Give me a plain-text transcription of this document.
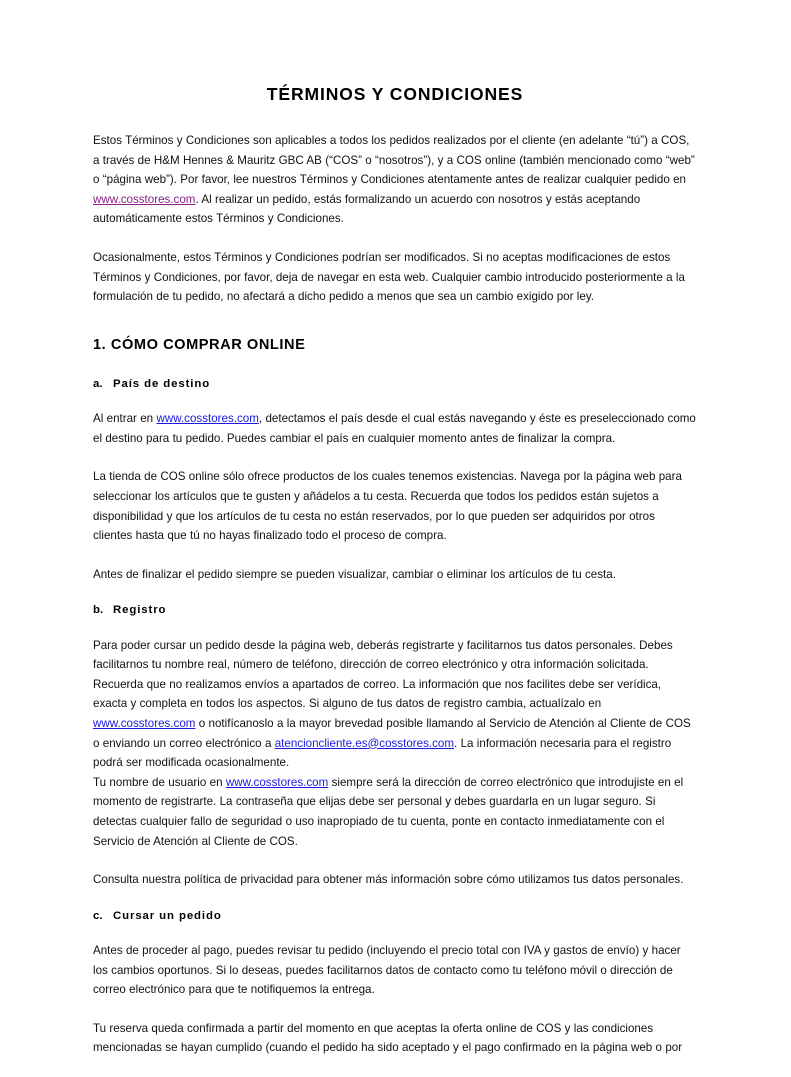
TÉRMINOS Y CONDICIONES

Estos Términos y Condiciones son aplicables a todos los pedidos realizados por el cliente (en adelante “tú”) a COS, a través de H&M Hennes & Mauritz GBC AB (“COS” o “nosotros”), y a COS online (también mencionado como “web” o “página web”). Por favor, lee nuestros Términos y Condiciones atentamente antes de realizar cualquier pedido en www.cosstores.com. Al realizar un pedido, estás formalizando un acuerdo con nosotros y estás aceptando automáticamente estos Términos y Condiciones.

Ocasionalmente, estos Términos y Condiciones podrían ser modificados. Si no aceptas modificaciones de estos Términos y Condiciones, por favor, deja de navegar en esta web. Cualquier cambio introducido posteriormente a la formulación de tu pedido, no afectará a dicho pedido a menos que sea un cambio exigido por ley.

1. CÓMO COMPRAR ONLINE
a. País de destino

Al entrar en www.cosstores.com, detectamos el país desde el cual estás navegando y éste es preseleccionado como el destino para tu pedido. Puedes cambiar el país en cualquier momento antes de finalizar la compra.

La tienda de COS online sólo ofrece productos de los cuales tenemos existencias. Navega por la página web para seleccionar los artículos que te gusten y añádelos a tu cesta. Recuerda que todos los pedidos están sujetos a disponibilidad y que los artículos de tu cesta no están reservados, por lo que pueden ser adquiridos por otros clientes hasta que tú no hayas finalizado todo el proceso de compra.

Antes de finalizar el pedido siempre se pueden visualizar, cambiar o eliminar los artículos de tu cesta.

b. Registro

Para poder cursar un pedido desde la página web, deberás registrarte y facilitarnos tus datos personales. Debes facilitarnos tu nombre real, número de teléfono, dirección de correo electrónico y otra información solicitada. Recuerda que no realizamos envíos a apartados de correo. La información que nos facilites debe ser verídica, exacta y completa en todos los aspectos. Si alguno de tus datos de registro cambia, actualízalo en www.cosstores.com o notifícanoslo a la mayor brevedad posible llamando al Servicio de Atención al Cliente de COS o enviando un correo electrónico a atencioncliente.es@cosstores.com. La información necesaria para el registro podrá ser modificada ocasionalmente.

Tu nombre de usuario en www.cosstores.com siempre será la dirección de correo electrónico que introdujiste en el momento de registrarte. La contraseña que elijas debe ser personal y debes guardarla en un lugar seguro. Si detectas cualquier fallo de seguridad o uso inapropiado de tu cuenta, ponte en contacto inmediatamente con el Servicio de Atención al Cliente de COS.

Consulta nuestra política de privacidad para obtener más información sobre cómo utilizamos tus datos personales.

c. Cursar un pedido

Antes de proceder al pago, puedes revisar tu pedido (incluyendo el precio total con IVA y gastos de envío) y hacer los cambios oportunos. Si lo deseas, puedes facilitarnos datos de contacto como tu teléfono móvil o dirección de correo electrónico para que te notifiquemos la entrega.

Tu reserva queda confirmada a partir del momento en que aceptas la oferta online de COS y las condiciones mencionadas se hayan cumplido (cuando el pedido ha sido aceptado y el pago confirmado en la página web o por
